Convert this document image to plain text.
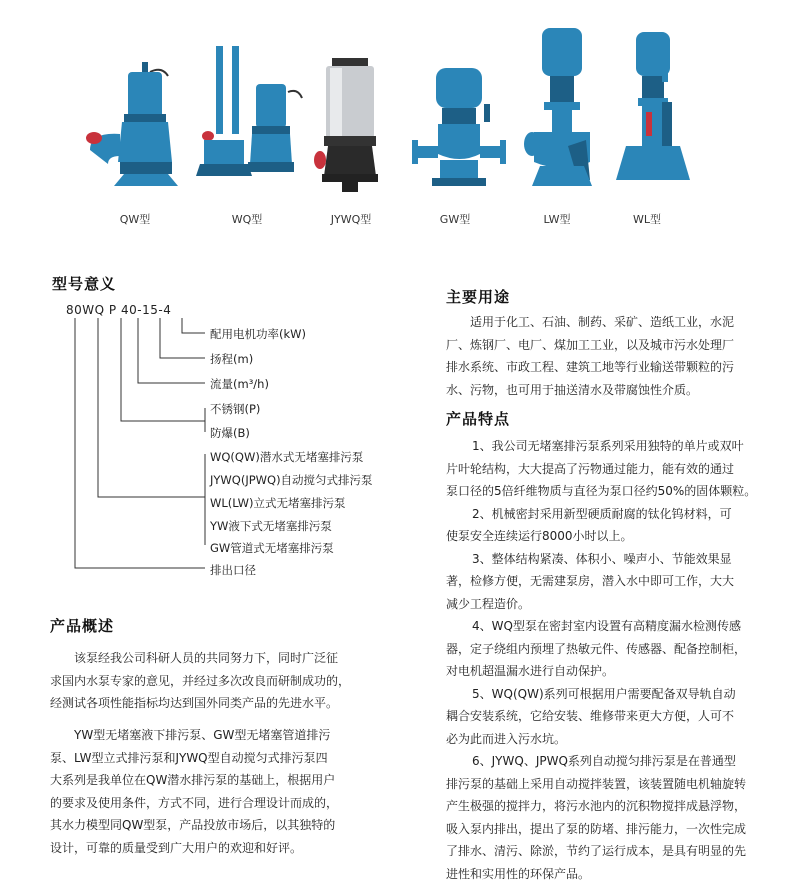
QW型	WQ型	JYWQ型	GW型	LW型	WL型
型号意义
80WQ P 40-15-4
配用电机功率(kW)
扬程(m)
流量(m³/h)
不锈钢(P)
防爆(B)
WQ(QW)潜水式无堵塞排污泵
JYWQ(JPWQ)自动搅匀式排污泵
WL(LW)立式无堵塞排污泵
YW液下式无堵塞排污泵
GW管道式无堵塞排污泵
排出口径
产品概述
该泵经我公司科研人员的共同努力下，同时广泛征
求国内水泵专家的意见，并经过多次改良而研制成功的，
经测试各项性能指标均达到国外同类产品的先进水平。
YW型无堵塞液下排污泵、GW型无堵塞管道排污
泵、LW型立式排污泵和JYWQ型自动搅匀式排污泵四
大系列是我单位在QW潜水排污泵的基础上，根据用户
的要求及使用条件，方式不同，进行合理设计而成的，
其水力模型同QW型泵，产品投放市场后，以其独特的
设计，可靠的质量受到广大用户的欢迎和好评。
主要用途
适用于化工、石油、制药、采矿、造纸工业，水泥
厂、炼钢厂、电厂、煤加工工业，以及城市污水处理厂
排水系统、市政工程、建筑工地等行业输送带颗粒的污
水、污物，也可用于抽送清水及带腐蚀性介质。
产品特点
1、我公司无堵塞排污泵系列采用独特的单片或双叶
片叶轮结构，大大提高了污物通过能力，能有效的通过
泵口径的5倍纤维物质与直径为泵口径约50%的固体颗粒。
2、机械密封采用新型硬质耐腐的钛化钨材料，可
使泵安全连续运行8000小时以上。
3、整体结构紧凑、体积小、噪声小、节能效果显
著，检修方便，无需建泵房，潜入水中即可工作，大大
减少工程造价。
4、WQ型泵在密封室内设置有高精度漏水检测传感
器，定子绕组内预埋了热敏元件、传感器、配备控制柜，
对电机超温漏水进行自动保护。
5、WQ(QW)系列可根据用户需要配备双导轨自动
耦合安装系统，它给安装、维修带来更大方便，人可不
必为此而进入污水坑。
6、JYWQ、JPWQ系列自动搅匀排污泵是在普通型
排污泵的基础上采用自动搅拌装置，该装置随电机轴旋转
产生极强的搅拌力，将污水池内的沉积物搅拌成悬浮物，
吸入泵内排出，提出了泵的防堵、排污能力，一次性完成
了排水、清污、除淤，节约了运行成本，是具有明显的先
进性和实用性的环保产品。
